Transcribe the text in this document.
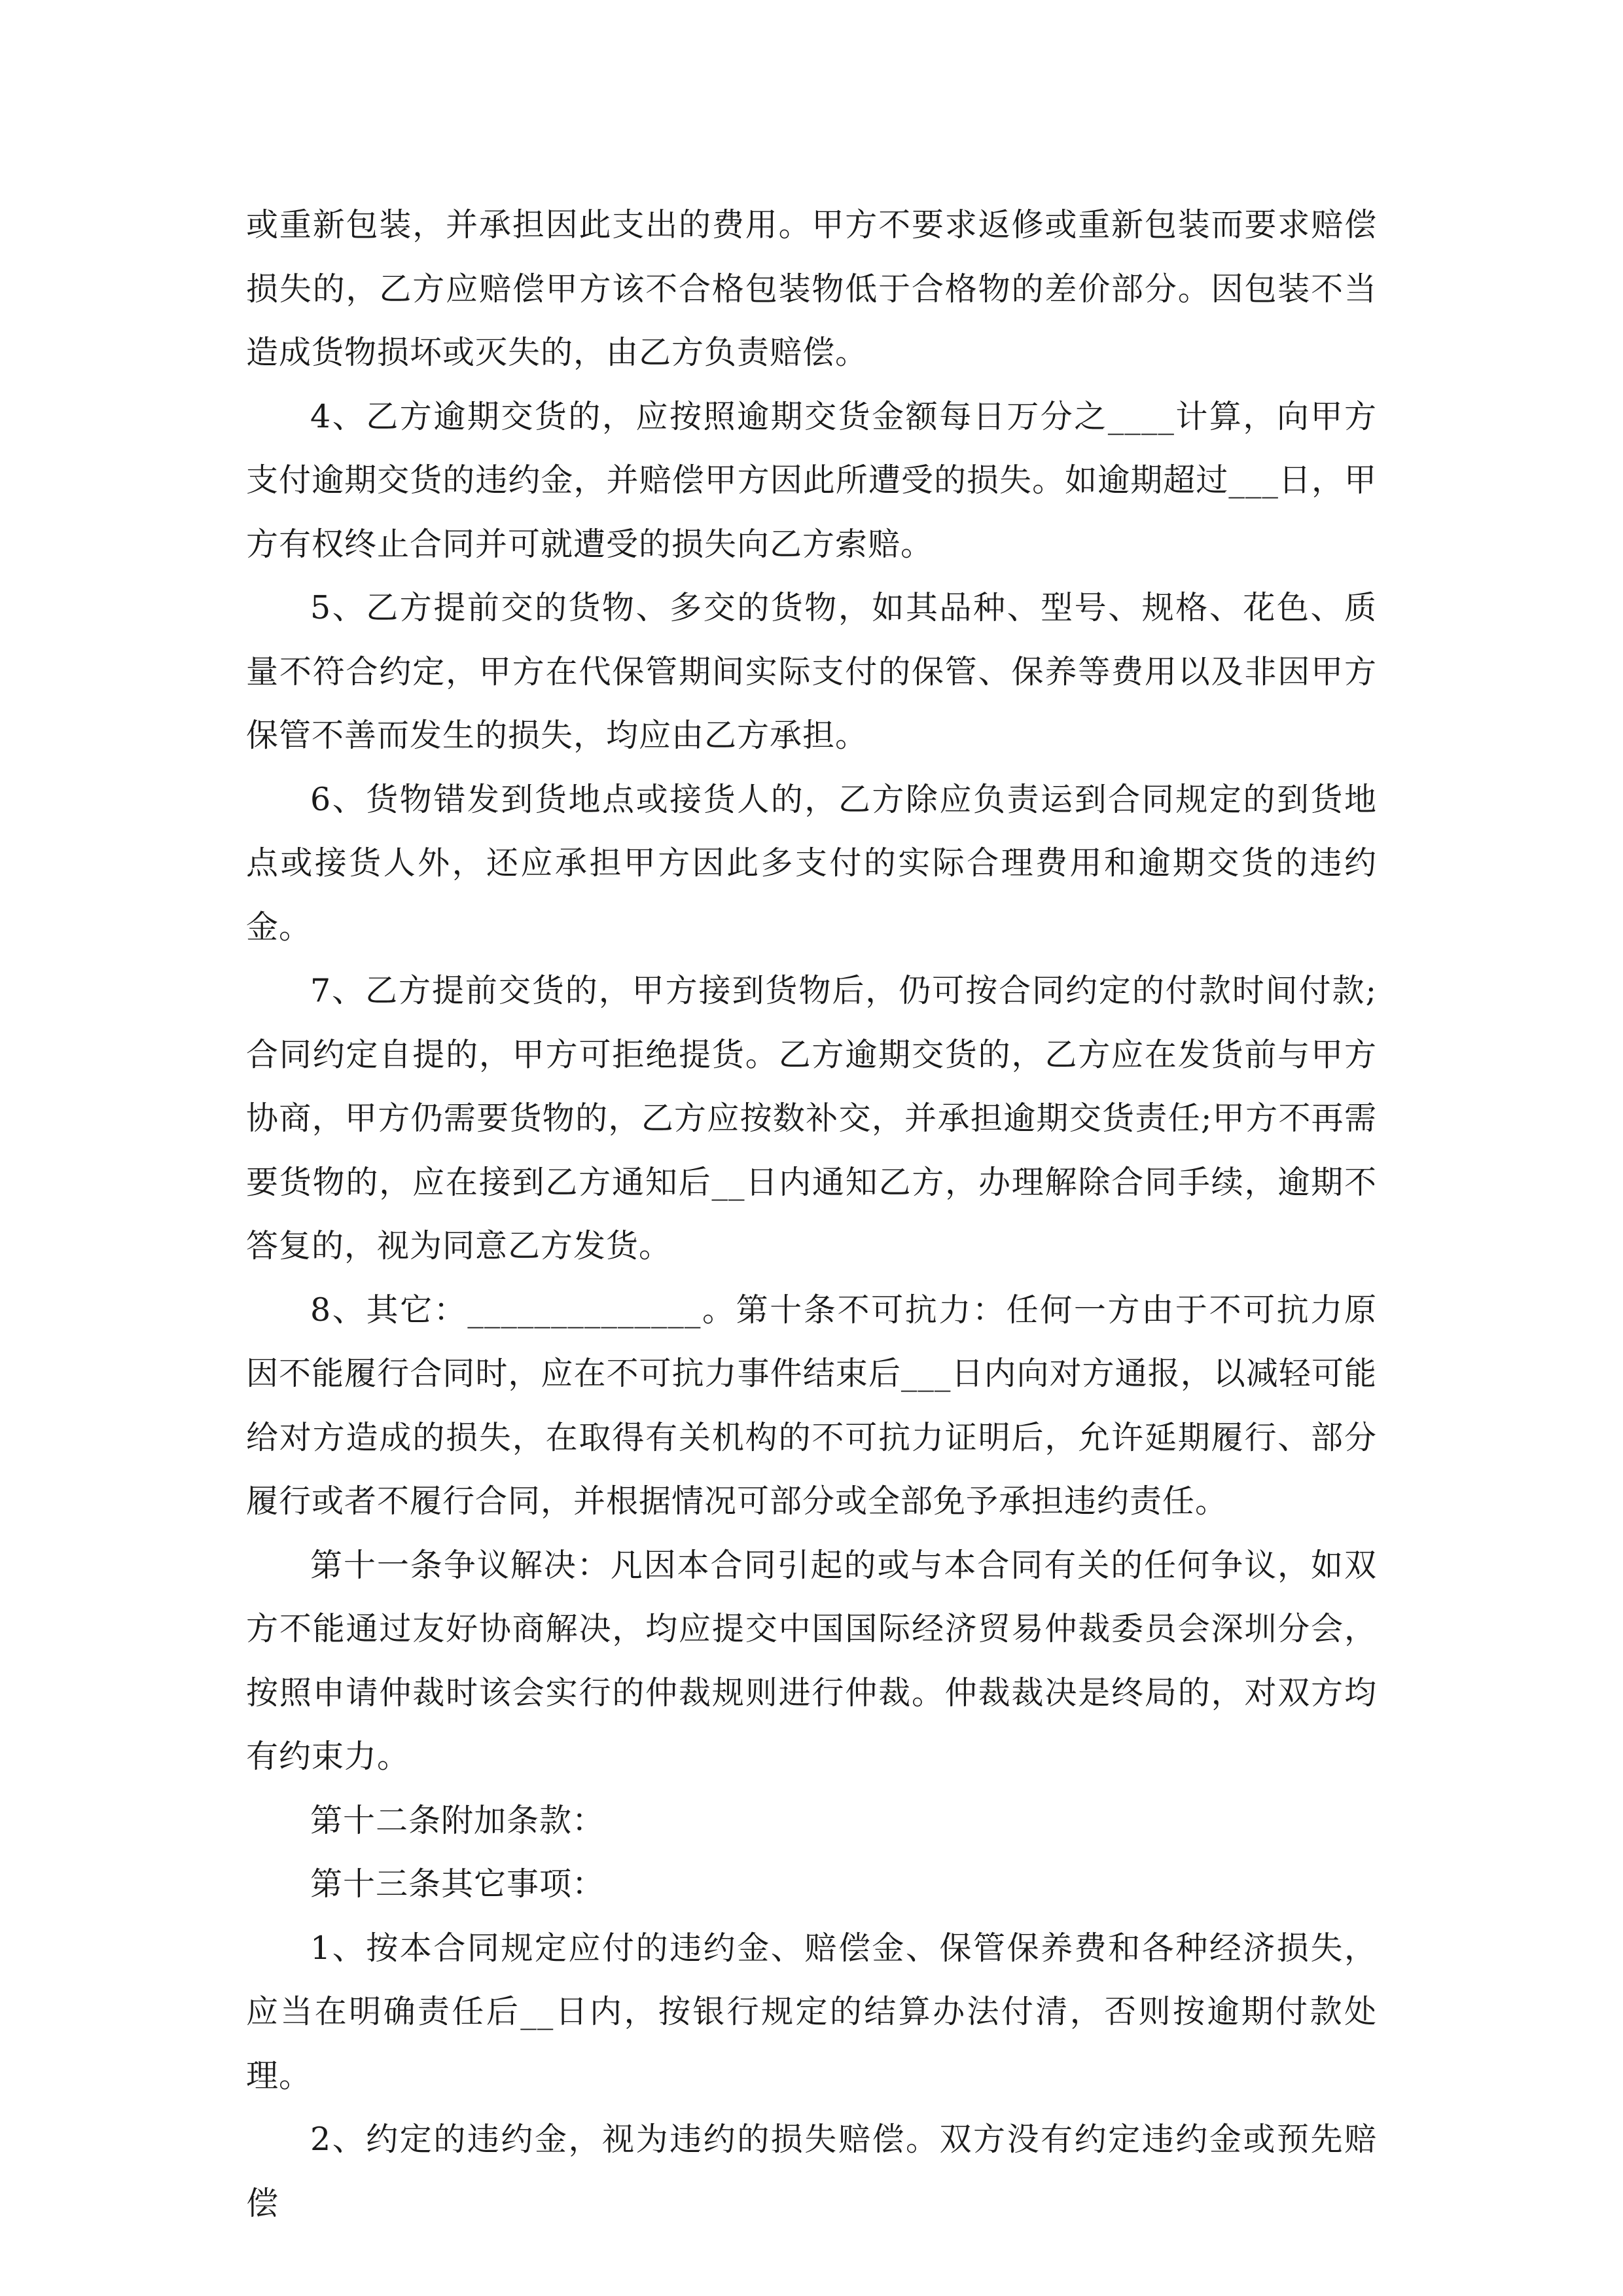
或重新包装，并承担因此支出的费用。甲方不要求返修或重新包装而要求赔偿损失的，乙方应赔偿甲方该不合格包装物低于合格物的差价部分。因包装不当造成货物损坏或灭失的，由乙方负责赔偿。

4、乙方逾期交货的，应按照逾期交货金额每日万分之____计算，向甲方支付逾期交货的违约金，并赔偿甲方因此所遭受的损失。如逾期超过___日，甲方有权终止合同并可就遭受的损失向乙方索赔。

5、乙方提前交的货物、多交的货物，如其品种、型号、规格、花色、质量不符合约定，甲方在代保管期间实际支付的保管、保养等费用以及非因甲方保管不善而发生的损失，均应由乙方承担。

6、货物错发到货地点或接货人的，乙方除应负责运到合同规定的到货地点或接货人外，还应承担甲方因此多支付的实际合理费用和逾期交货的违约金。

7、乙方提前交货的，甲方接到货物后，仍可按合同约定的付款时间付款;合同约定自提的，甲方可拒绝提货。乙方逾期交货的，乙方应在发货前与甲方协商，甲方仍需要货物的，乙方应按数补交，并承担逾期交货责任;甲方不再需要货物的，应在接到乙方通知后__日内通知乙方，办理解除合同手续，逾期不答复的，视为同意乙方发货。

8、其它：______________。第十条不可抗力：任何一方由于不可抗力原因不能履行合同时，应在不可抗力事件结束后___日内向对方通报，以减轻可能给对方造成的损失，在取得有关机构的不可抗力证明后，允许延期履行、部分履行或者不履行合同，并根据情况可部分或全部免予承担违约责任。

第十一条争议解决：凡因本合同引起的或与本合同有关的任何争议，如双方不能通过友好协商解决，均应提交中国国际经济贸易仲裁委员会深圳分会，按照申请仲裁时该会实行的仲裁规则进行仲裁。仲裁裁决是终局的，对双方均有约束力。

第十二条附加条款：

第十三条其它事项：

1、按本合同规定应付的违约金、赔偿金、保管保养费和各种经济损失，应当在明确责任后__日内，按银行规定的结算办法付清，否则按逾期付款处理。

2、约定的违约金，视为违约的损失赔偿。双方没有约定违约金或预先赔偿
